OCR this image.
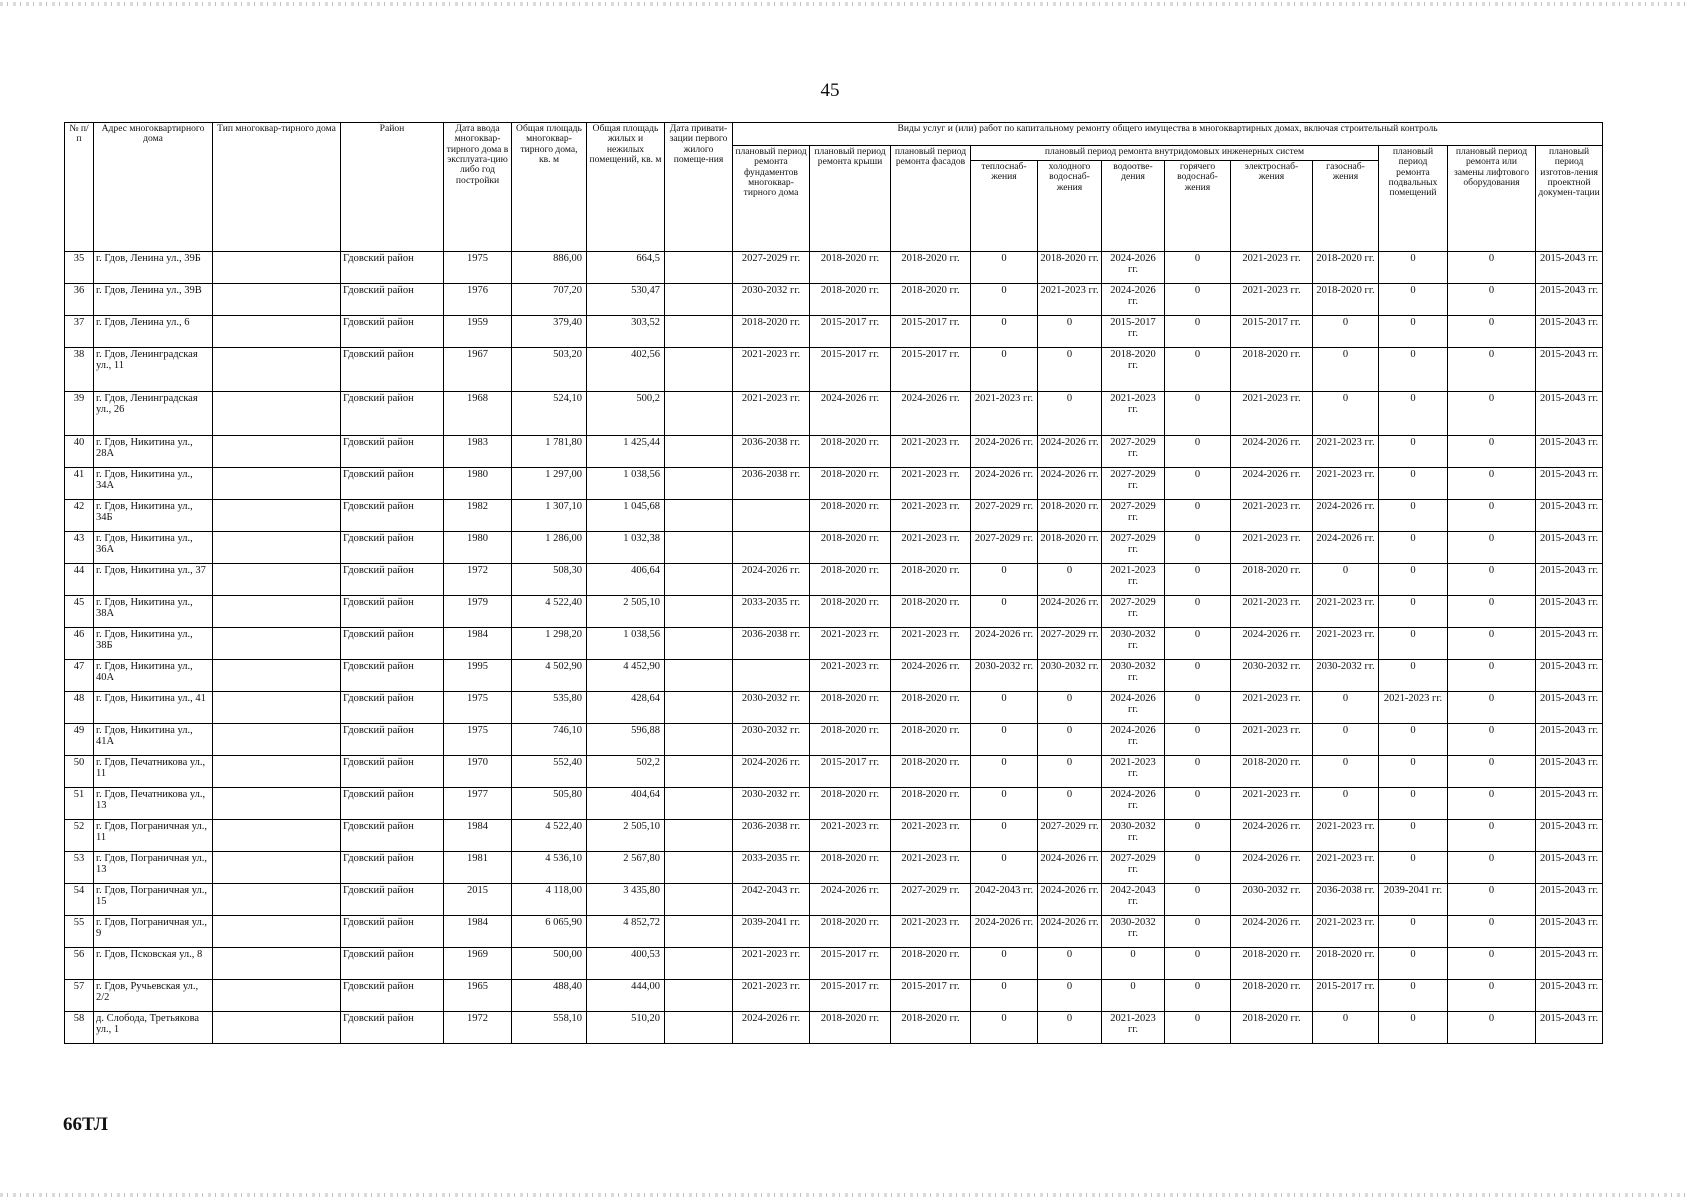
45
№ п/п	Адрес многоквартирного дома	Тип многоквар-тирного дома	Район	Дата ввода многоквар-тирного дома в эксплуата-цию либо год постройки	Общая площадь многоквар-тирного дома, кв. м	Общая площадь жилых и нежилых помещений, кв. м	Дата привати-зации первого жилого помеще-ния	Виды услуг и (или) работ по капитальному ремонту общего имущества в многоквартирных домах, включая строительный контроль											
								плановый период ремонта фундаментов многоквар-тирного дома	плановый период ремонта крыши	плановый период ремонта фасадов	плановый период ремонта внутридомовых инженерных систем						плановый период ремонта подвальных помещений	плановый период ремонта или замены лифтового оборудования	плановый период изготов-ления проектной докумен-тации
											теплоснаб-жения	холодного водоснаб-жения	водоотве-дения	горячего водоснаб-жения	электроснаб-жения	газоснаб-жения			
35	г. Гдов, Ленина ул., 39Б		Гдовский район	1975	886,00	664,5		2027-2029 гг.	2018-2020 гг.	2018-2020 гг.	0	2018-2020 гг.	2024-2026 гг.	0	2021-2023 гг.	2018-2020 гг.	0	0	2015-2043 гг.
36	г. Гдов, Ленина ул., 39В		Гдовский район	1976	707,20	530,47		2030-2032 гг.	2018-2020 гг.	2018-2020 гг.	0	2021-2023 гг.	2024-2026 гг.	0	2021-2023 гг.	2018-2020 гг.	0	0	2015-2043 гг.
37	г. Гдов, Ленина ул., 6		Гдовский район	1959	379,40	303,52		2018-2020 гг.	2015-2017 гг.	2015-2017 гг.	0	0	2015-2017 гг.	0	2015-2017 гг.	0	0	0	2015-2043 гг.
38	г. Гдов, Ленинградская ул., 11		Гдовский район	1967	503,20	402,56		2021-2023 гг.	2015-2017 гг.	2015-2017 гг.	0	0	2018-2020 гг.	0	2018-2020 гг.	0	0	0	2015-2043 гг.
39	г. Гдов, Ленинградская ул., 26		Гдовский район	1968	524,10	500,2		2021-2023 гг.	2024-2026 гг.	2024-2026 гг.	2021-2023 гг.	0	2021-2023 гг.	0	2021-2023 гг.	0	0	0	2015-2043 гг.
40	г. Гдов, Никитина ул., 28А		Гдовский район	1983	1 781,80	1 425,44		2036-2038 гг.	2018-2020 гг.	2021-2023 гг.	2024-2026 гг.	2024-2026 гг.	2027-2029 гг.	0	2024-2026 гг.	2021-2023 гг.	0	0	2015-2043 гг.
41	г. Гдов, Никитина ул., 34А		Гдовский район	1980	1 297,00	1 038,56		2036-2038 гг.	2018-2020 гг.	2021-2023 гг.	2024-2026 гг.	2024-2026 гг.	2027-2029 гг.	0	2024-2026 гг.	2021-2023 гг.	0	0	2015-2043 гг.
42	г. Гдов, Никитина ул., 34Б		Гдовский район	1982	1 307,10	1 045,68			2018-2020 гг.	2021-2023 гг.	2027-2029 гг.	2018-2020 гг.	2027-2029 гг.	0	2021-2023 гг.	2024-2026 гг.	0	0	2015-2043 гг.
43	г. Гдов, Никитина ул., 36А		Гдовский район	1980	1 286,00	1 032,38			2018-2020 гг.	2021-2023 гг.	2027-2029 гг.	2018-2020 гг.	2027-2029 гг.	0	2021-2023 гг.	2024-2026 гг.	0	0	2015-2043 гг.
44	г. Гдов, Никитина ул., 37		Гдовский район	1972	508,30	406,64		2024-2026 гг.	2018-2020 гг.	2018-2020 гг.	0	0	2021-2023 гг.	0	2018-2020 гг.	0	0	0	2015-2043 гг.
45	г. Гдов, Никитина ул., 38А		Гдовский район	1979	4 522,40	2 505,10		2033-2035 гг.	2018-2020 гг.	2018-2020 гг.	0	2024-2026 гг.	2027-2029 гг.	0	2021-2023 гг.	2021-2023 гг.	0	0	2015-2043 гг.
46	г. Гдов, Никитина ул., 38Б		Гдовский район	1984	1 298,20	1 038,56		2036-2038 гг.	2021-2023 гг.	2021-2023 гг.	2024-2026 гг.	2027-2029 гг.	2030-2032 гг.	0	2024-2026 гг.	2021-2023 гг.	0	0	2015-2043 гг.
47	г. Гдов, Никитина ул., 40А		Гдовский район	1995	4 502,90	4 452,90			2021-2023 гг.	2024-2026 гг.	2030-2032 гг.	2030-2032 гг.	2030-2032 гг.	0	2030-2032 гг.	2030-2032 гг.	0	0	2015-2043 гг.
48	г. Гдов, Никитина ул., 41		Гдовский район	1975	535,80	428,64		2030-2032 гг.	2018-2020 гг.	2018-2020 гг.	0	0	2024-2026 гг.	0	2021-2023 гг.	0	2021-2023 гг.	0	2015-2043 гг.
49	г. Гдов, Никитина ул., 41А		Гдовский район	1975	746,10	596,88		2030-2032 гг.	2018-2020 гг.	2018-2020 гг.	0	0	2024-2026 гг.	0	2021-2023 гг.	0	0	0	2015-2043 гг.
50	г. Гдов, Печатникова ул., 11		Гдовский район	1970	552,40	502,2		2024-2026 гг.	2015-2017 гг.	2018-2020 гг.	0	0	2021-2023 гг.	0	2018-2020 гг.	0	0	0	2015-2043 гг.
51	г. Гдов, Печатникова ул., 13		Гдовский район	1977	505,80	404,64		2030-2032 гг.	2018-2020 гг.	2018-2020 гг.	0	0	2024-2026 гг.	0	2021-2023 гг.	0	0	0	2015-2043 гг.
52	г. Гдов, Пограничная ул., 11		Гдовский район	1984	4 522,40	2 505,10		2036-2038 гг.	2021-2023 гг.	2021-2023 гг.	0	2027-2029 гг.	2030-2032 гг.	0	2024-2026 гг.	2021-2023 гг.	0	0	2015-2043 гг.
53	г. Гдов, Пограничная ул., 13		Гдовский район	1981	4 536,10	2 567,80		2033-2035 гг.	2018-2020 гг.	2021-2023 гг.	0	2024-2026 гг.	2027-2029 гг.	0	2024-2026 гг.	2021-2023 гг.	0	0	2015-2043 гг.
54	г. Гдов, Пограничная ул., 15		Гдовский район	2015	4 118,00	3 435,80		2042-2043 гг.	2024-2026 гг.	2027-2029 гг.	2042-2043 гг.	2024-2026 гг.	2042-2043 гг.	0	2030-2032 гг.	2036-2038 гг.	2039-2041 гг.	0	2015-2043 гг.
55	г. Гдов, Пограничная ул., 9		Гдовский район	1984	6 065,90	4 852,72		2039-2041 гг.	2018-2020 гг.	2021-2023 гг.	2024-2026 гг.	2024-2026 гг.	2030-2032 гг.	0	2024-2026 гг.	2021-2023 гг.	0	0	2015-2043 гг.
56	г. Гдов, Псковская ул., 8		Гдовский район	1969	500,00	400,53		2021-2023 гг.	2015-2017 гг.	2018-2020 гг.	0	0	0	0	2018-2020 гг.	2018-2020 гг.	0	0	2015-2043 гг.
57	г. Гдов, Ручьевская ул., 2/2		Гдовский район	1965	488,40	444,00		2021-2023 гг.	2015-2017 гг.	2015-2017 гг.	0	0	0	0	2018-2020 гг.	2015-2017 гг.	0	0	2015-2043 гг.
58	д. Слобода, Третьякова ул., 1		Гдовский район	1972	558,10	510,20		2024-2026 гг.	2018-2020 гг.	2018-2020 гг.	0	0	2021-2023 гг.	0	2018-2020 гг.	0	0	0	2015-2043 гг.
66ТЛ
